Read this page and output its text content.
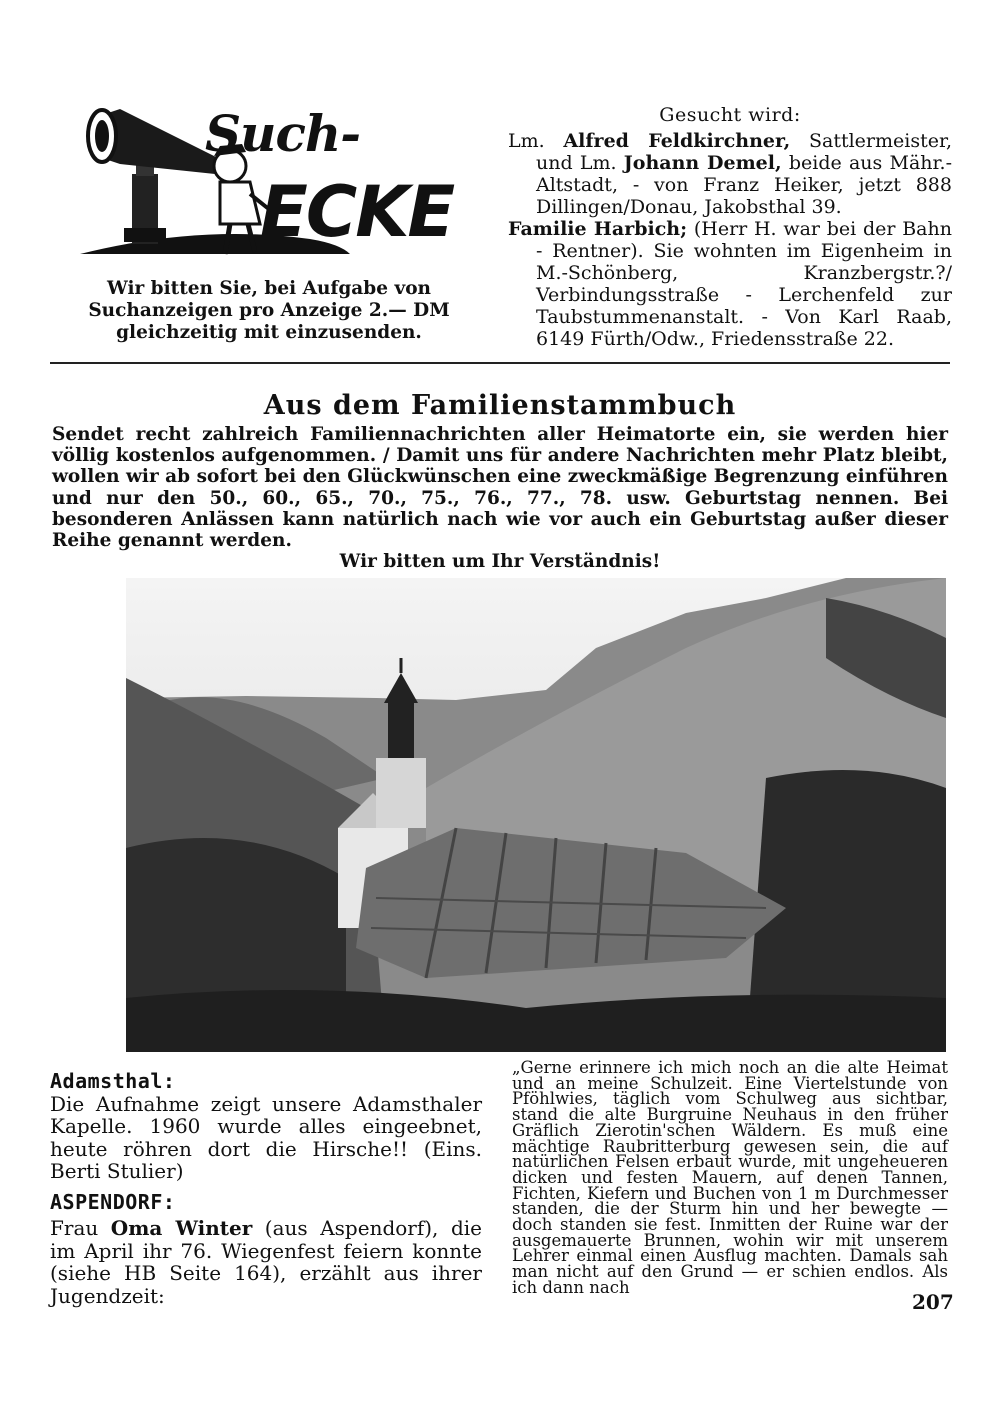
ECKE
Such-
Wir bitten Sie, bei Aufgabe von Suchanzeigen pro Anzeige 2.— DM gleichzeitig mit einzusenden.
Gesucht wird:
Lm. Alfred Feldkirchner, Sattlermeister, und Lm. Johann Demel, beide aus Mähr.-Altstadt, - von Franz Heiker, jetzt 888 Dillingen/Donau, Jakobsthal 39.
Familie Harbich; (Herr H. war bei der Bahn - Rentner). Sie wohnten im Eigenheim in M.-Schönberg, Kranzbergstr.?/ Verbindungsstraße - Lerchenfeld zur Taubstummenanstalt. - Von Karl Raab, 6149 Fürth/Odw., Friedensstraße 22.
Aus dem Familienstammbuch
Sendet recht zahlreich Familiennachrichten aller Heimatorte ein, sie werden hier völlig kostenlos aufgenommen. / Damit uns für andere Nachrichten mehr Platz bleibt, wollen wir ab sofort bei den Glückwünschen eine zweckmäßige Begrenzung einführen und nur den 50., 60., 65., 70., 75., 76., 77., 78. usw. Geburtstag nennen. Bei besonderen Anlässen kann natürlich nach wie vor auch ein Geburtstag außer dieser Reihe genannt werden.
Wir bitten um Ihr Verständnis!
Adamsthal:
Die Aufnahme zeigt unsere Adamsthaler Kapelle. 1960 wurde alles eingeebnet, heute röhren dort die Hirsche!! (Eins. Berti Stulier)
ASPENDORF:
Frau Oma Winter (aus Aspendorf), die im April ihr 76. Wiegenfest feiern konnte (siehe HB Seite 164), erzählt aus ihrer Jugendzeit:
„Gerne erinnere ich mich noch an die alte Heimat und an meine Schulzeit. Eine Viertelstunde von Pföhlwies, täglich vom Schulweg aus sichtbar, stand die alte Burgruine Neuhaus in den früher Gräflich Zierotin'schen Wäldern. Es muß eine mächtige Raubritterburg gewesen sein, die auf natürlichen Felsen erbaut wurde, mit ungeheueren dicken und festen Mauern, auf denen Tannen, Fichten, Kiefern und Buchen von 1 m Durchmesser standen, die der Sturm hin und her bewegte — doch standen sie fest. Inmitten der Ruine war der ausgemauerte Brunnen, wohin wir mit unserem Lehrer einmal einen Ausflug machten. Damals sah man nicht auf den Grund — er schien endlos. Als ich dann nach
207
